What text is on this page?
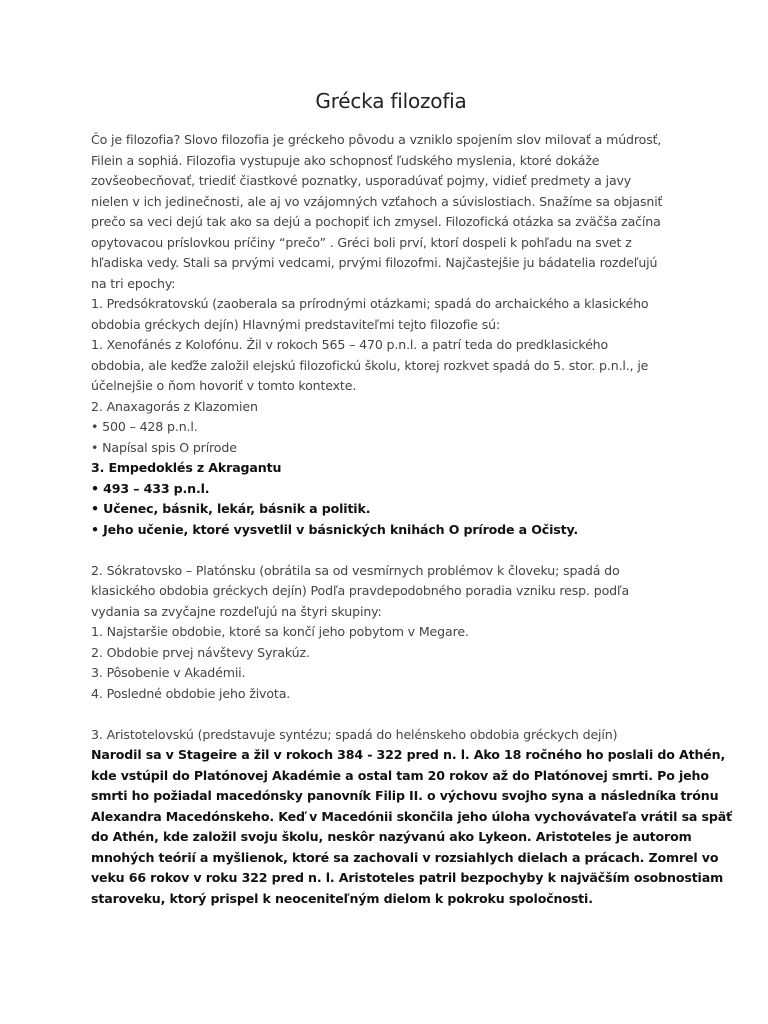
Grécka filozofia
Čo je filozofia? Slovo filozofia je gréckeho pôvodu a vzniklo spojením slov milovať a múdrosť,
Filein a sophiá. Filozofia vystupuje ako schopnosť ľudského myslenia, ktoré dokáže
zovšeobecňovať, triediť čiastkové poznatky, usporadúvať pojmy, vidieť predmety a javy
nielen v ich jedinečnosti, ale aj vo vzájomných vzťahoch a súvislostiach. Snažíme sa objasniť
prečo sa veci dejú tak ako sa dejú a pochopiť ich zmysel. Filozofická otázka sa zväčša začína
opytovacou príslovkou príčiny “prečo” . Gréci boli prví, ktorí dospeli k pohľadu na svet z
hľadiska vedy. Stali sa prvými vedcami, prvými filozofmi. Najčastejšie ju bádatelia rozdeľujú
na tri epochy:
1. Predsókratovskú (zaoberala sa prírodnými otázkami; spadá do archaického a klasického
obdobia gréckych dejín) Hlavnými predstaviteľmi tejto filozofie sú:
1. Xenofánés z Kolofónu. Žil v rokoch 565 – 470 p.n.l. a patrí teda do predklasického
obdobia, ale keďže založil elejskú filozofickú školu, ktorej rozkvet spadá do 5. stor. p.n.l., je
účelnejšie o ňom hovoriť v tomto kontexte.
2. Anaxagorás z Klazomien
• 500 – 428 p.n.l.
• Napísal spis O prírode
3. Empedoklés z Akragantu
• 493 – 433 p.n.l.
• Učenec, básnik, lekár, básnik a politik.
• Jeho učenie, ktoré vysvetlil v básnických knihách O prírode a Očisty.
2. Sókratovsko – Platónsku (obrátila sa od vesmírnych problémov k človeku; spadá do
klasického obdobia gréckych dejín) Podľa pravdepodobného poradia vzniku resp. podľa
vydania sa zvyčajne rozdeľujú na štyri skupiny:
1. Najstaršie obdobie, ktoré sa končí jeho pobytom v Megare.
2. Obdobie prvej návštevy Syrakúz.
3. Pôsobenie v Akadémii.
4. Posledné obdobie jeho života.
3. Aristotelovskú (predstavuje syntézu; spadá do helénskeho obdobia gréckych dejín)
Narodil sa v Stageire a žil v rokoch 384 - 322 pred n. l. Ako 18 ročného ho poslali do Athén,
kde vstúpil do Platónovej Akadémie a ostal tam 20 rokov až do Platónovej smrti. Po jeho
smrti ho požiadal macedónsky panovník Filip II. o výchovu svojho syna a následníka trónu
Alexandra Macedónskeho. Keď v Macedónii skončila jeho úloha vychovávateľa vrátil sa späť
do Athén, kde založil svoju školu, neskôr nazývanú ako Lykeon. Aristoteles je autorom
mnohých teórií a myšlienok, ktoré sa zachovali v rozsiahlych dielach a prácach. Zomrel vo
veku 66 rokov v roku 322 pred n. l. Aristoteles patril bezpochyby k najväčším osobnostiam
staroveku, ktorý prispel k neoceniteľným dielom k pokroku spoločnosti.
